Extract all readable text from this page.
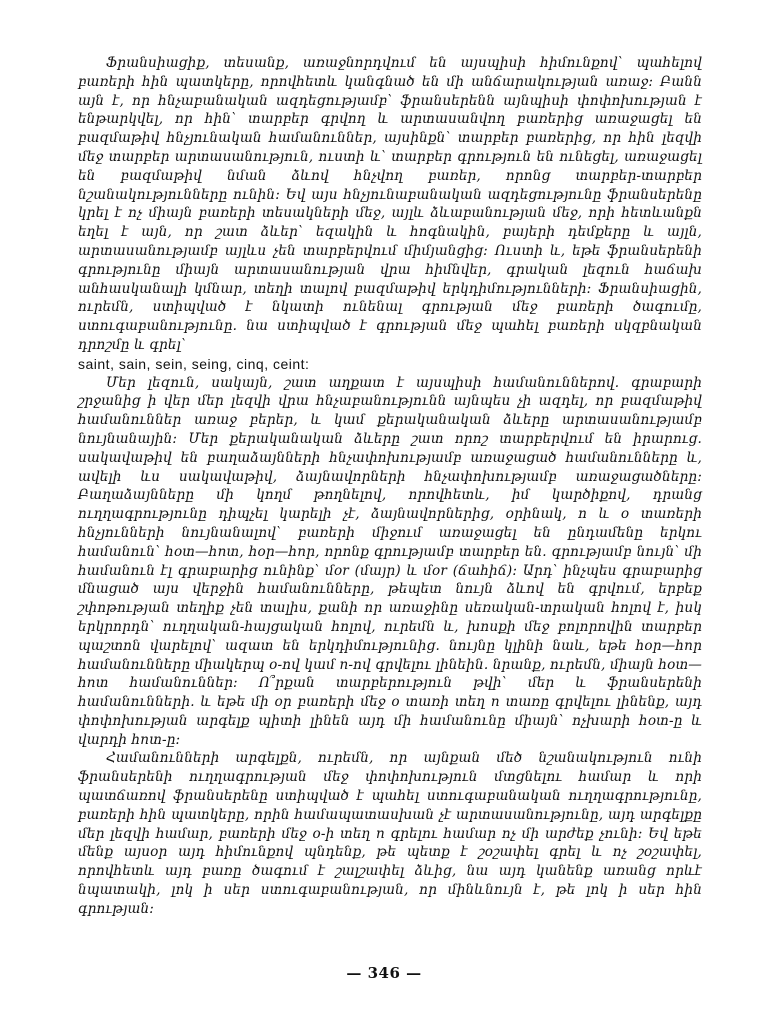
Ֆրանսիացիք, տեսանք, առաջնորդվում են այսպիսի հիմունքով՝ պահելով բառերի հին պատկերը, որովհետև կանգնած են մի անճարակության առաջ։ Բանն այն է, որ հնչաբանական ազդեցությամբ՝ ֆրանսերենն այնպիսի փոփոխության է ենթարկվել, որ հին՝ տարբեր գրվող և արտասանվող բառերից առաջացել են բազմաթիվ հնչյունական համանուններ, այսինքն՝ տարբեր բառերից, որ հին լեզվի մեջ տարբեր արտասանություն, ուստի և՝ տարբեր գրություն են ունեցել, առաջացել են բազմաթիվ նման ձևով հնչվող բառեր, որոնց տարբեր-տարբեր նշանակությունները ունին։ Եվ այս հնչյունաբանական ազդեցությունը ֆրանսերենը կրել է ոչ միայն բառերի տեսակների մեջ, այլև ձևաբանության մեջ, որի հետևանքն եղել է այն, որ շատ ձևեր՝ եզակին և հոգնակին, բայերի դեմքերը և այլն, արտասանությամբ այլևս չեն տարբերվում միմյանցից։ Ուստի և, եթե ֆրանսերենի գրությունը միայն արտասանության վրա հիմնվեր, գրական լեզուն հաճախ անհասկանալի կմնար, տեղի տալով բազմաթիվ երկդիմությունների։ Ֆրանսիացին, ուրեմն, ստիպված է նկատի ունենալ գրության մեջ բառերի ծագումը, ստուգաբանությունը. նա ստիպված է գրության մեջ պահել բառերի սկզբնական դրոշմը և գրել՝

saint, sain, sein, seing, cinq, ceint:

Մեր լեզուն, սակայն, շատ աղքատ է այսպիսի համանուններով. գրաբարի շրջանից ի վեր մեր լեզվի վրա հնչաբանությունն այնպես չի ազդել, որ բազմաթիվ համանուններ առաջ բերեր, և կամ քերականական ձևերը արտասանությամբ նույնանային։ Մեր քերականական ձևերը շատ որոշ տարբերվում են իրարուց. սակավաթիվ են բաղաձայնների հնչափոխությամբ առաջացած համանունները և, ավելի ևս սակավաթիվ, ձայնավորների հնչափոխությամբ առաջացածները։ Բաղաձայնները մի կողմ թողնելով, որովհետև, իմ կարծիքով, դրանց ուղղագրությունը դիպչել կարելի չէ, ձայնավորներից, օրինակ, ո և օ տառերի հնչյունների նույնանալով՝ բառերի միջում առաջացել են ընդամենը երկու համանուն՝ հoտ—հnտ, հoր—հnր, որոնք գրությամբ տարբեր են. գրությամբ նույն՝ մի համանուն էլ գրաբարից ունինք՝ մor (մայր) և մor (ճահիճ)։ Արդ՝ ինչպես գրաբարից մնացած այս վերջին համանունները, թեպետ նույն ձևով են գրվում, երբեք շփոթության տեղիք չեն տալիս, քանի որ առաջինը սեռական-տրական հոլով է, իսկ երկրորդն՝ ուղղական-հայցական հոլով, ուրեմն և, խոսքի մեջ բոլորովին տարբեր պաշտոն վարելով՝ ազատ են երկդիմությունից. նույնը կլինի նաև, եթե հoր—հnր համանունները միակերպ o-ով կամ n-ով գրվելու լինեին. նրանք, ուրեմն, միայն հoտ—հnտ համանուններ։ Ո՞րքան տարբերություն թվի՝ մեր և ֆրանսերենի համանունների. և եթե մի օր բառերի մեջ o տառի տեղ n տառը գրվելու լինենք, այդ փոփոխության արգելք պիտի լինեն այդ մի համանունը միայն՝ ոչխարի հoտ-ը և վարդի հnտ-ը։

Համանունների արգելքն, ուրեմն, որ այնքան մեծ նշանակություն ունի ֆրանսերենի ուղղագրության մեջ փոփոխություն մտցնելու համար և որի պատճառով ֆրանսերենը ստիպված է պահել ստուգաբանական ուղղագրությունը, բառերի հին պատկերը, որին համապատասխան չէ արտասանությունը, այդ արգելքը մեր լեզվի համար, բառերի մեջ o-ի տեղ n գրելու համար ոչ մի արժեք չունի։ Եվ եթե մենք այսօր այդ հիմունքով պնդենք, թե պետք է շօշափել գրել և ոչ շօշափել, որովհետև այդ բառը ծագում է շալշափել ձևից, նա այդ կանենք առանց որևէ նպատակի, լոկ ի սեր ստուգաբանության, որ մինևնույն է, թե լոկ ի սեր հին գրության։

— 346 —
